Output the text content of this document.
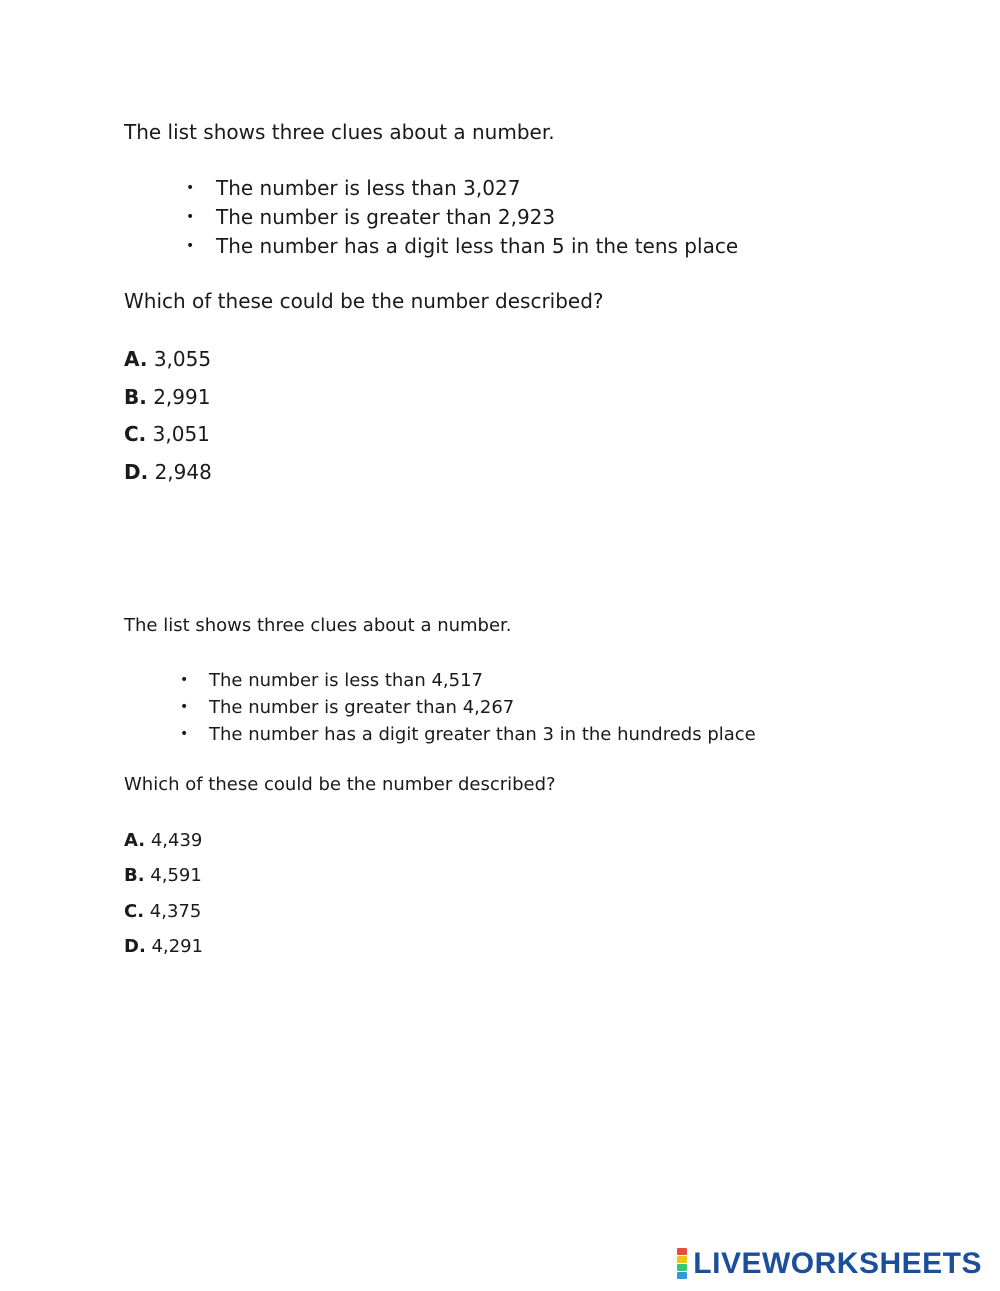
The list shows three clues about a number.

• The number is less than 3,027
• The number is greater than 2,923
• The number has a digit less than 5 in the tens place

Which of these could be the number described?

A. 3,055
B. 2,991
C. 3,051
D. 2,948

The list shows three clues about a number.

• The number is less than 4,517
• The number is greater than 4,267
• The number has a digit greater than 3 in the hundreds place

Which of these could be the number described?

A. 4,439
B. 4,591
C. 4,375
D. 4,291
LIVEWORKSHEETS
